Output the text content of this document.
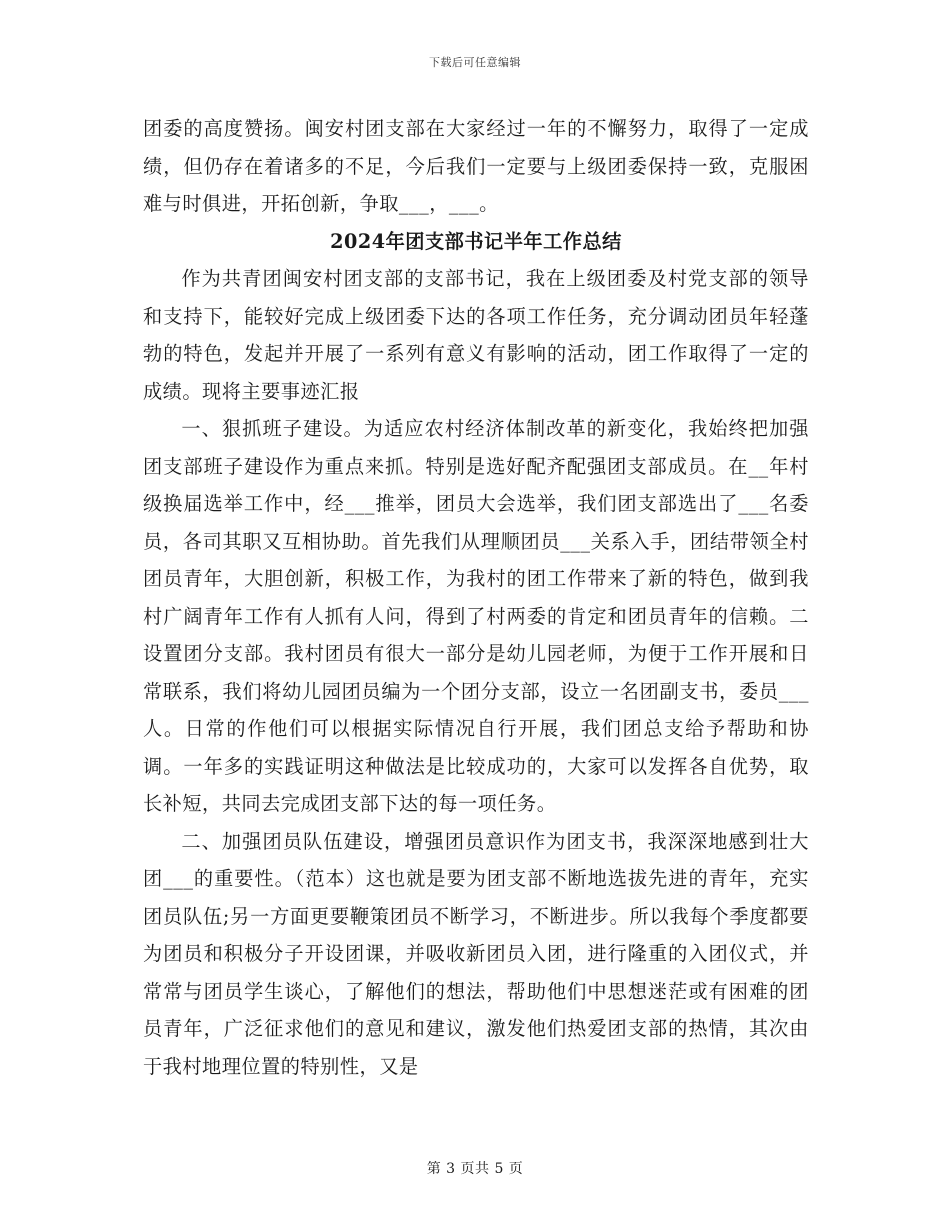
下载后可任意编辑

团委的高度赞扬。闽安村团支部在大家经过一年的不懈努力，取得了一定成绩，但仍存在着诸多的不足，今后我们一定要与上级团委保持一致，克服困难与时俱进，开拓创新，争取___，___。

2024年团支部书记半年工作总结

作为共青团闽安村团支部的支部书记，我在上级团委及村党支部的领导和支持下，能较好完成上级团委下达的各项工作任务，充分调动团员年轻蓬勃的特色，发起并开展了一系列有意义有影响的活动，团工作取得了一定的成绩。现将主要事迹汇报

一、狠抓班子建设。为适应农村经济体制改革的新变化，我始终把加强团支部班子建设作为重点来抓。特别是选好配齐配强团支部成员。在__年村级换届选举工作中，经___推举，团员大会选举，我们团支部选出了___名委员，各司其职又互相协助。首先我们从理顺团员___关系入手，团结带领全村团员青年，大胆创新，积极工作，为我村的团工作带来了新的特色，做到我村广阔青年工作有人抓有人问，得到了村两委的肯定和团员青年的信赖。二设置团分支部。我村团员有很大一部分是幼儿园老师，为便于工作开展和日常联系，我们将幼儿园团员编为一个团分支部，设立一名团副支书，委员___人。日常的作他们可以根据实际情况自行开展，我们团总支给予帮助和协调。一年多的实践证明这种做法是比较成功的，大家可以发挥各自优势，取长补短，共同去完成团支部下达的每一项任务。

二、加强团员队伍建设，增强团员意识作为团支书，我深深地感到壮大团___的重要性。（范本）这也就是要为团支部不断地选拔先进的青年，充实团员队伍;另一方面更要鞭策团员不断学习，不断进步。所以我每个季度都要为团员和积极分子开设团课，并吸收新团员入团，进行隆重的入团仪式，并常常与团员学生谈心，了解他们的想法，帮助他们中思想迷茫或有困难的团员青年，广泛征求他们的意见和建议，激发他们热爱团支部的热情，其次由于我村地理位置的特别性，又是

第 3 页共 5 页
